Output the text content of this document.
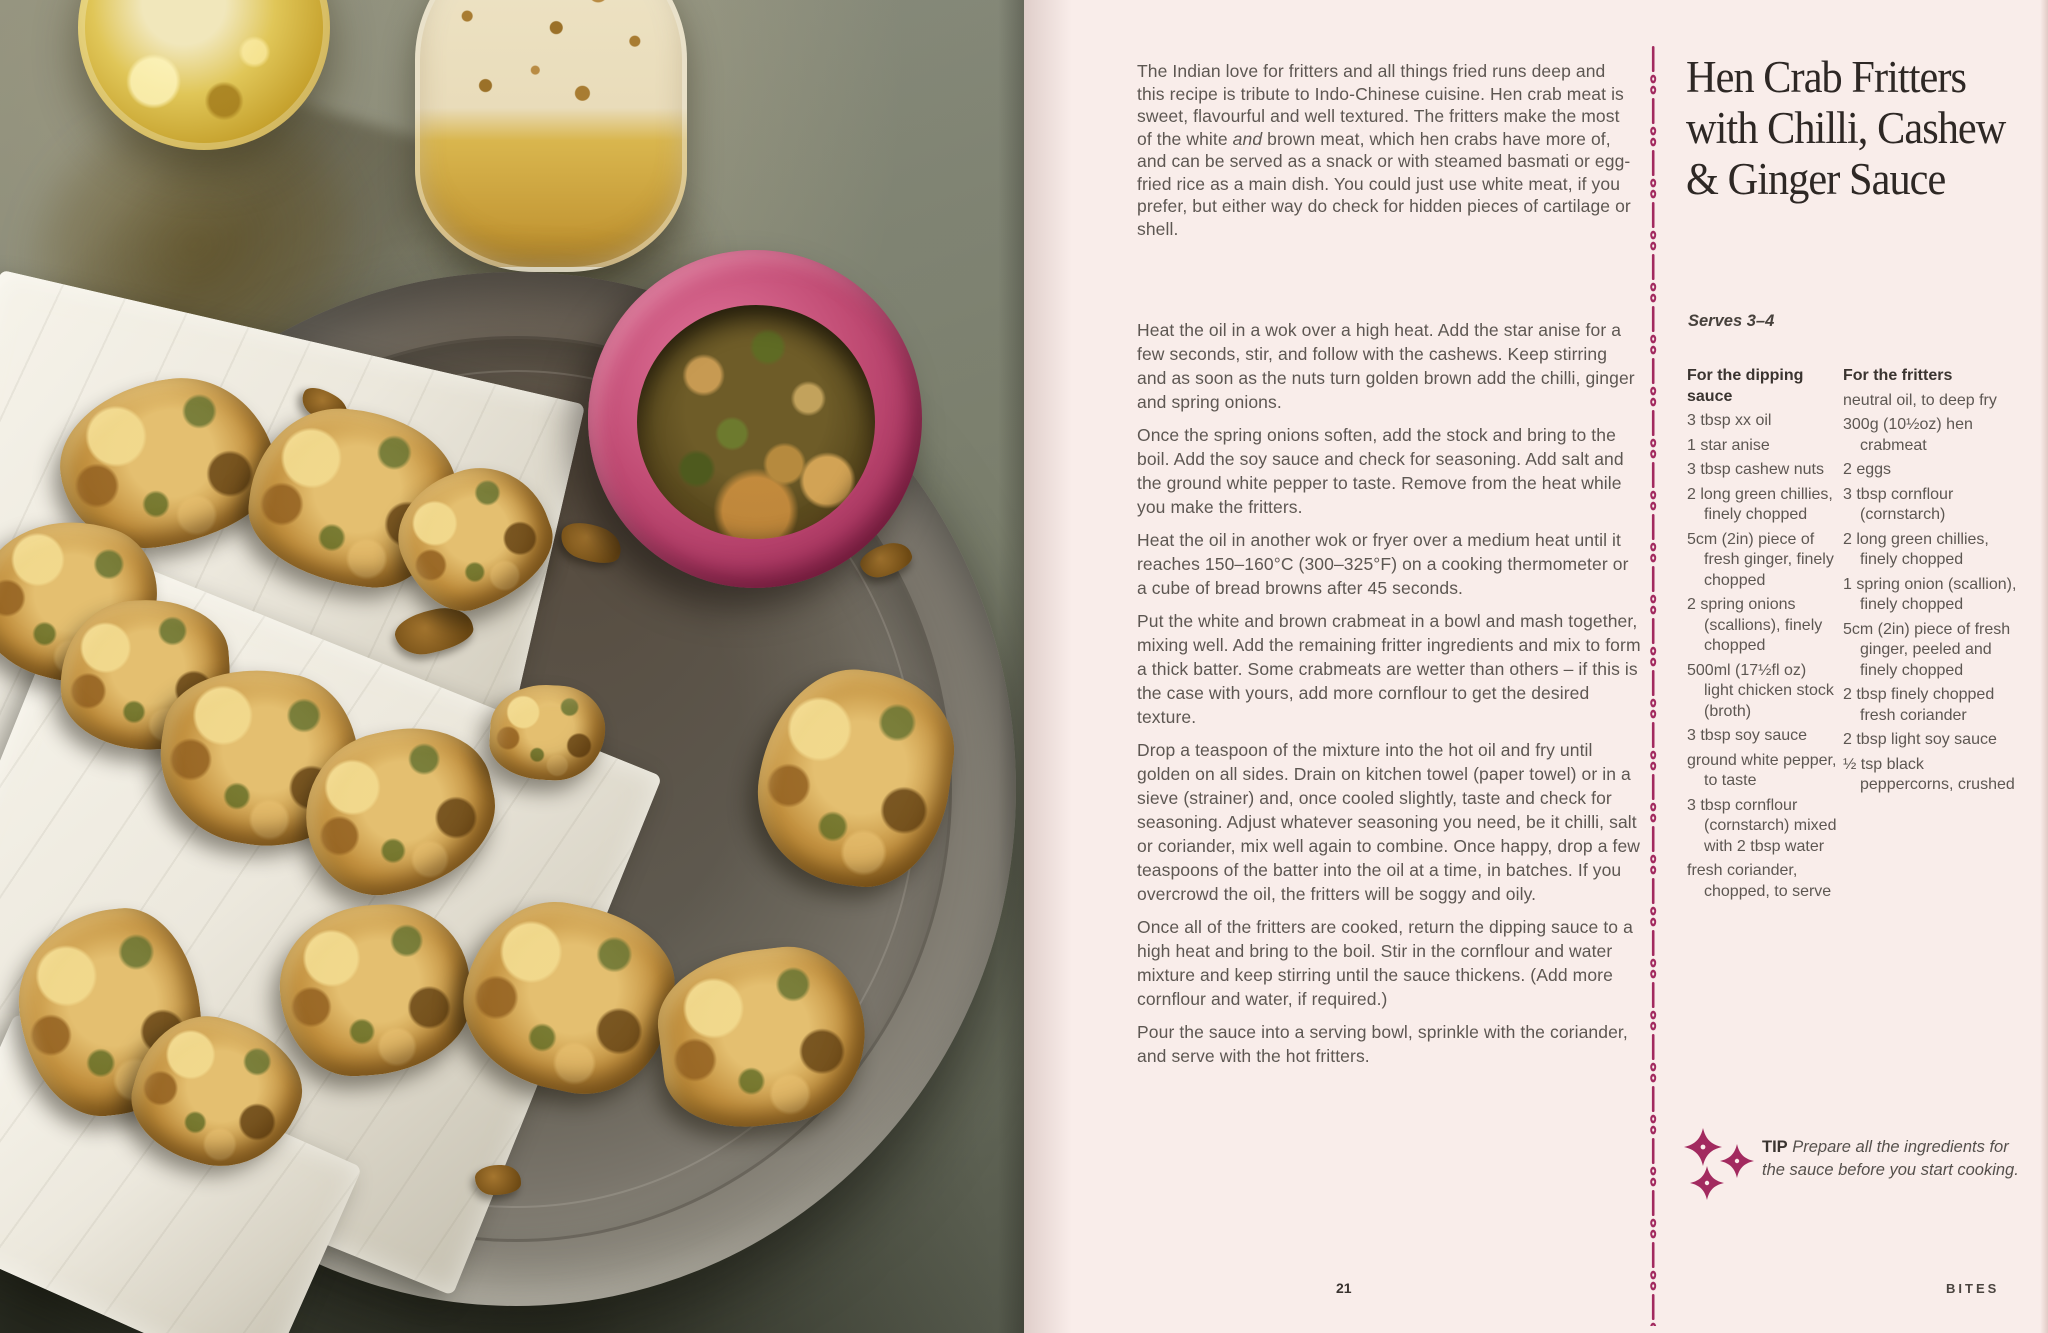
The Indian love for fritters and all things fried runs deep and this recipe is tribute to Indo-Chinese cuisine. Hen crab meat is sweet, flavourful and well textured. The fritters make the most of the white and brown meat, which hen crabs have more of, and can be served as a snack or with steamed basmati or egg-fried rice as a main dish. You could just use white meat, if you prefer, but either way do check for hidden pieces of cartilage or shell.

Heat the oil in a wok over a high heat. Add the star anise for a few seconds, stir, and follow with the cashews. Keep stirring and as soon as the nuts turn golden brown add the chilli, ginger and spring onions.

Once the spring onions soften, add the stock and bring to the boil. Add the soy sauce and check for seasoning. Add salt and the ground white pepper to taste. Remove from the heat while you make the fritters.

Heat the oil in another wok or fryer over a medium heat until it reaches 150–160°C (300–325°F) on a cooking thermometer or a cube of bread browns after 45 seconds.

Put the white and brown crabmeat in a bowl and mash together, mixing well. Add the remaining fritter ingredients and mix to form a thick batter. Some crabmeats are wetter than others – if this is the case with yours, add more cornflour to get the desired texture.

Drop a teaspoon of the mixture into the hot oil and fry until golden on all sides. Drain on kitchen towel (paper towel) or in a sieve (strainer) and, once cooled slightly, taste and check for seasoning. Adjust whatever seasoning you need, be it chilli, salt or coriander, mix well again to combine. Once happy, drop a few teaspoons of the batter into the oil at a time, in batches. If you overcrowd the oil, the fritters will be soggy and oily.

Once all of the fritters are cooked, return the dipping sauce to a high heat and bring to the boil. Stir in the cornflour and water mixture and keep stirring until the sauce thickens. (Add more cornflour and water, if required.)

Pour the sauce into a serving bowl, sprinkle with the coriander, and serve with the hot fritters.

Hen Crab Fritters
with Chilli, Cashew
& Ginger Sauce
Serves 3–4
For the dipping sauce
3 tbsp xx oil
1 star anise
3 tbsp cashew nuts
2 long green chillies, finely chopped
5cm (2in) piece of fresh ginger, finely chopped
2 spring onions (scallions), finely chopped
500ml (17½fl oz) light chicken stock (broth)
3 tbsp soy sauce
ground white pepper, to taste
3 tbsp cornflour (cornstarch) mixed with 2 tbsp water
fresh coriander, chopped, to serve
For the fritters
neutral oil, to deep fry
300g (10½oz) hen crabmeat
2 eggs
3 tbsp cornflour (cornstarch)
2 long green chillies, finely chopped
1 spring onion (scallion), finely chopped
5cm (2in) piece of fresh ginger, peeled and finely chopped
2 tbsp finely chopped fresh coriander
2 tbsp light soy sauce
½ tsp black peppercorns, crushed
TIP Prepare all the ingredients for the sauce before you start cooking.
21	BITES
